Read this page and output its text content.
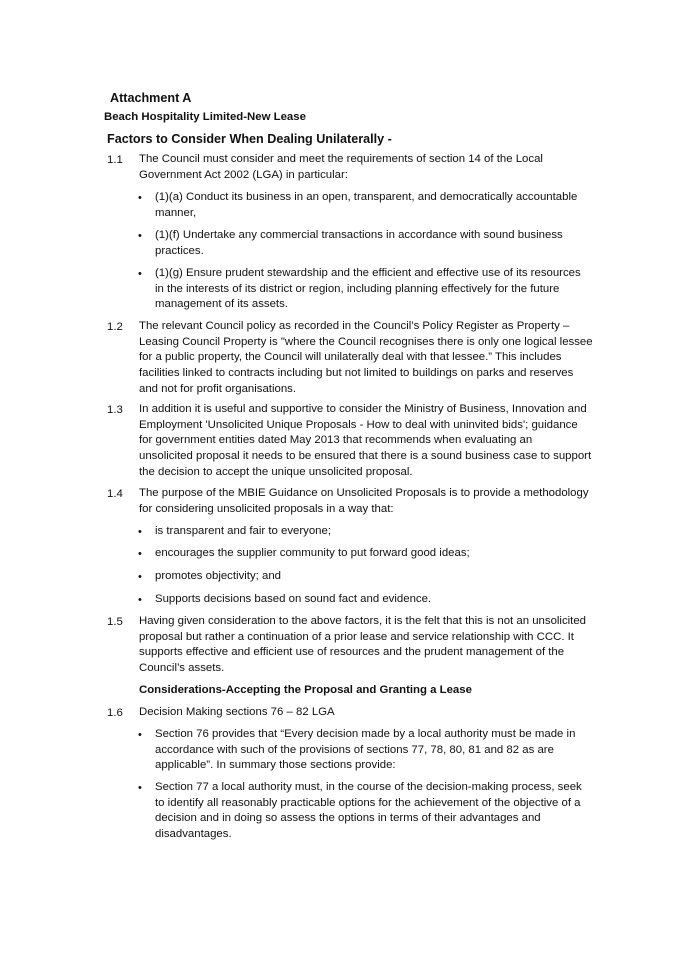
Attachment A
Beach Hospitality Limited-New Lease
Factors to Consider When Dealing Unilaterally -
1.1 The Council must consider and meet the requirements of section 14 of the Local
Government Act 2002 (LGA) in particular:
• (1)(a) Conduct its business in an open, transparent, and democratically accountable
manner,
• (1)(f) Undertake any commercial transactions in accordance with sound business
practices.
• (1)(g) Ensure prudent stewardship and the efficient and effective use of its resources
in the interests of its district or region, including planning effectively for the future
management of its assets.
1.2 The relevant Council policy as recorded in the Council’s Policy Register as Property –
Leasing Council Property is "where the Council recognises there is only one logical lessee
for a public property, the Council will unilaterally deal with that lessee.” This includes
facilities linked to contracts including but not limited to buildings on parks and reserves
and not for profit organisations.
1.3 In addition it is useful and supportive to consider the Ministry of Business, Innovation and
Employment 'Unsolicited Unique Proposals - How to deal with uninvited bids'; guidance
for government entities dated May 2013 that recommends when evaluating an
unsolicited proposal it needs to be ensured that there is a sound business case to support
the decision to accept the unique unsolicited proposal.
1.4 The purpose of the MBIE Guidance on Unsolicited Proposals is to provide a methodology
for considering unsolicited proposals in a way that:
• is transparent and fair to everyone;
• encourages the supplier community to put forward good ideas;
• promotes objectivity; and
• Supports decisions based on sound fact and evidence.
1.5 Having given consideration to the above factors, it is the felt that this is not an unsolicited
proposal but rather a continuation of a prior lease and service relationship with CCC. It
supports effective and efficient use of resources and the prudent management of the
Council’s assets.
Considerations-Accepting the Proposal and Granting a Lease
1.6 Decision Making sections 76 – 82 LGA
• Section 76 provides that “Every decision made by a local authority must be made in
accordance with such of the provisions of sections 77, 78, 80, 81 and 82 as are
applicable”. In summary those sections provide:
• Section 77 a local authority must, in the course of the decision-making process, seek
to identify all reasonably practicable options for the achievement of the objective of a
decision and in doing so assess the options in terms of their advantages and
disadvantages.
